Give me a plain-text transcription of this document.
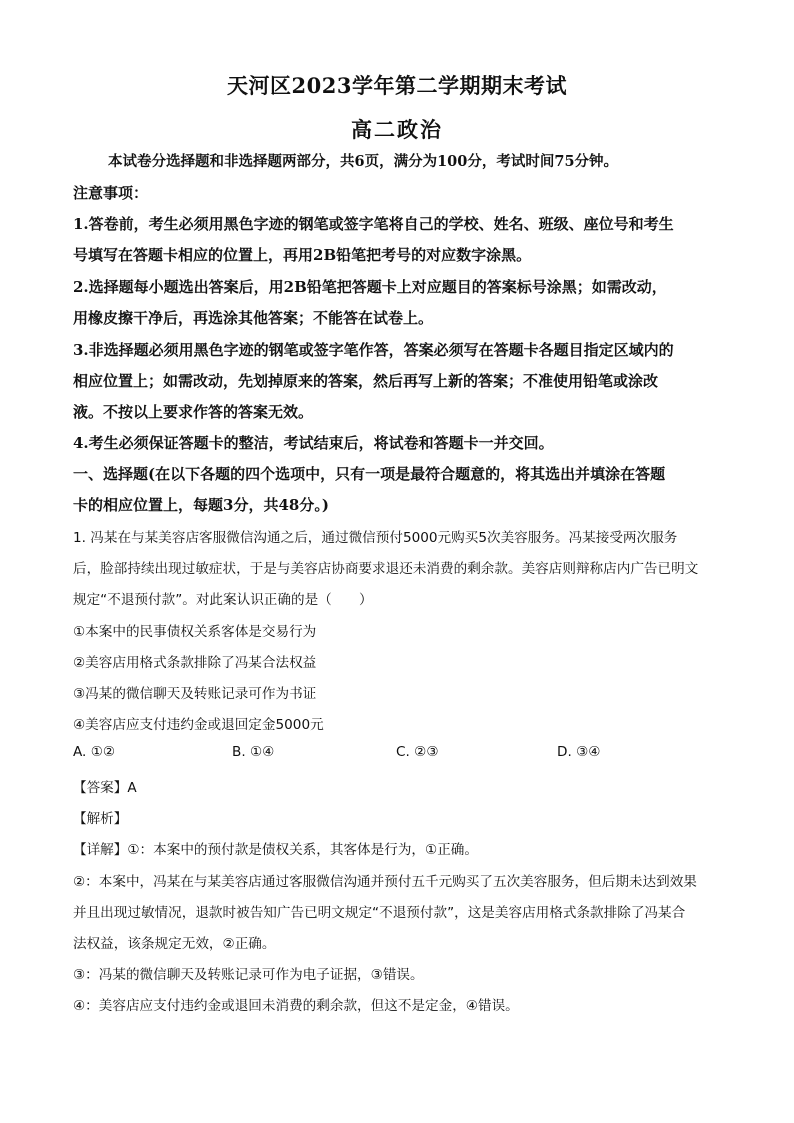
天河区2023学年第二学期期末考试
高二政治
本试卷分选择题和非选择题两部分，共6页，满分为100分，考试时间75分钟。
注意事项：
1.答卷前，考生必须用黑色字迹的钢笔或签字笔将自己的学校、姓名、班级、座位号和考生
号填写在答题卡相应的位置上，再用2B铅笔把考号的对应数字涂黑。
2.选择题每小题选出答案后，用2B铅笔把答题卡上对应题目的答案标号涂黑；如需改动，
用橡皮擦干净后，再选涂其他答案；不能答在试卷上。
3.非选择题必须用黑色字迹的钢笔或签字笔作答，答案必须写在答题卡各题目指定区域内的
相应位置上；如需改动，先划掉原来的答案，然后再写上新的答案；不准使用铅笔或涂改
液。不按以上要求作答的答案无效。
4.考生必须保证答题卡的整洁，考试结束后，将试卷和答题卡一并交回。
一、选择题(在以下各题的四个选项中，只有一项是最符合题意的，将其选出并填涂在答题
卡的相应位置上，每题3分，共48分。)
1. 冯某在与某美容店客服微信沟通之后，通过微信预付5000元购买5次美容服务。冯某接受两次服务
后，脸部持续出现过敏症状，于是与美容店协商要求退还未消费的剩余款。美容店则辩称店内广告已明文
规定“不退预付款”。对此案认识正确的是（　　）
①本案中的民事债权关系客体是交易行为
②美容店用格式条款排除了冯某合法权益
③冯某的微信聊天及转账记录可作为书证
④美容店应支付违约金或退回定金5000元
A. ①②	B. ①④	C. ②③	D. ③④
【答案】A
【解析】
【详解】①：本案中的预付款是债权关系，其客体是行为，①正确。
②：本案中，冯某在与某美容店通过客服微信沟通并预付五千元购买了五次美容服务，但后期未达到效果
并且出现过敏情况，退款时被告知广告已明文规定“不退预付款”，这是美容店用格式条款排除了冯某合
法权益，该条规定无效，②正确。
③：冯某的微信聊天及转账记录可作为电子证据，③错误。
④：美容店应支付违约金或退回未消费的剩余款，但这不是定金，④错误。
